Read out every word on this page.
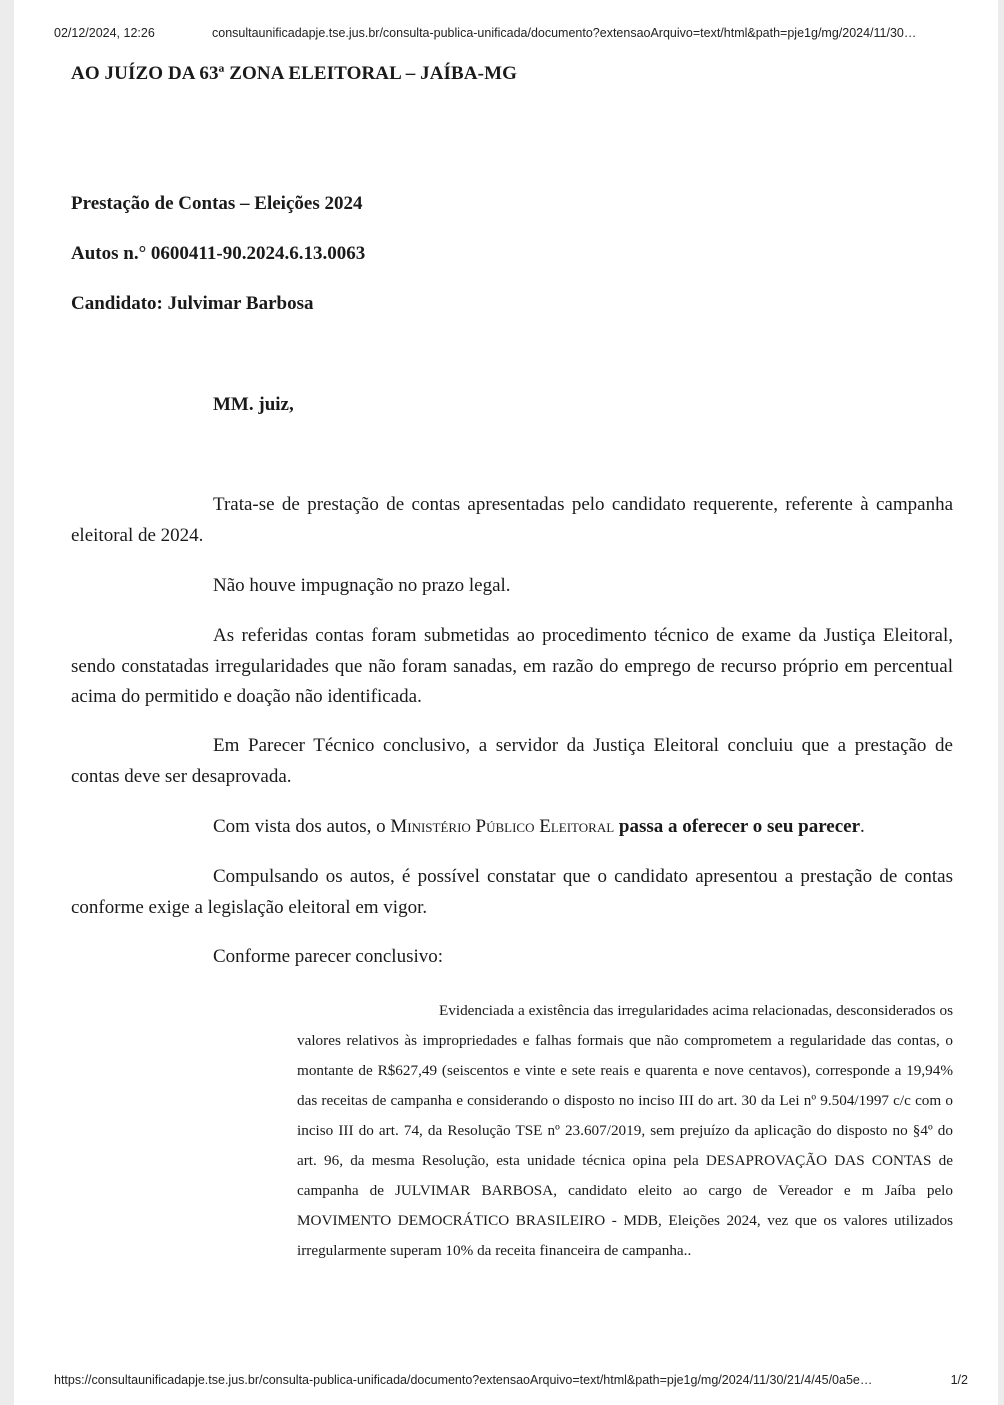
02/12/2024, 12:26	consultaunificadapje.tse.jus.br/consulta-publica-unificada/documento?extensaoArquivo=text/html&path=pje1g/mg/2024/11/30…
AO JUÍZO DA 63ª ZONA ELEITORAL – JAÍBA-MG
Prestação de Contas – Eleições 2024
Autos n.° 0600411-90.2024.6.13.0063
Candidato: Julvimar Barbosa
MM. juiz,

Trata-se de prestação de contas apresentadas pelo candidato requerente, referente à campanha eleitoral de 2024.

Não houve impugnação no prazo legal.

As referidas contas foram submetidas ao procedimento técnico de exame da Justiça Eleitoral, sendo constatadas irregularidades que não foram sanadas, em razão do emprego de recurso próprio em percentual acima do permitido e doação não identificada.

Em Parecer Técnico conclusivo, a servidor da Justiça Eleitoral concluiu que a prestação de contas deve ser desaprovada.

Com vista dos autos, o Ministério Público Eleitoral passa a oferecer o seu parecer.

Compulsando os autos, é possível constatar que o candidato apresentou a prestação de contas conforme exige a legislação eleitoral em vigor.

Conforme parecer conclusivo:

Evidenciada a existência das irregularidades acima relacionadas, desconsiderados os valores relativos às impropriedades e falhas formais que não comprometem a regularidade das contas, o montante de R$627,49 (seiscentos e vinte e sete reais e quarenta e nove centavos), corresponde a 19,94% das receitas de campanha e considerando o disposto no inciso III do art. 30 da Lei nº 9.504/1997 c/c com o inciso III do art. 74, da Resolução TSE nº 23.607/2019, sem prejuízo da aplicação do disposto no §4º do art. 96, da mesma Resolução, esta unidade técnica opina pela DESAPROVAÇÃO DAS CONTAS de campanha de JULVIMAR BARBOSA, candidato eleito ao cargo de Vereador e m Jaíba pelo MOVIMENTO DEMOCRÁTICO BRASILEIRO - MDB, Eleições 2024, vez que os valores utilizados irregularmente superam 10% da receita financeira de campanha..

https://consultaunificadapje.tse.jus.br/consulta-publica-unificada/documento?extensaoArquivo=text/html&path=pje1g/mg/2024/11/30/21/4/45/0a5e…	1/2
